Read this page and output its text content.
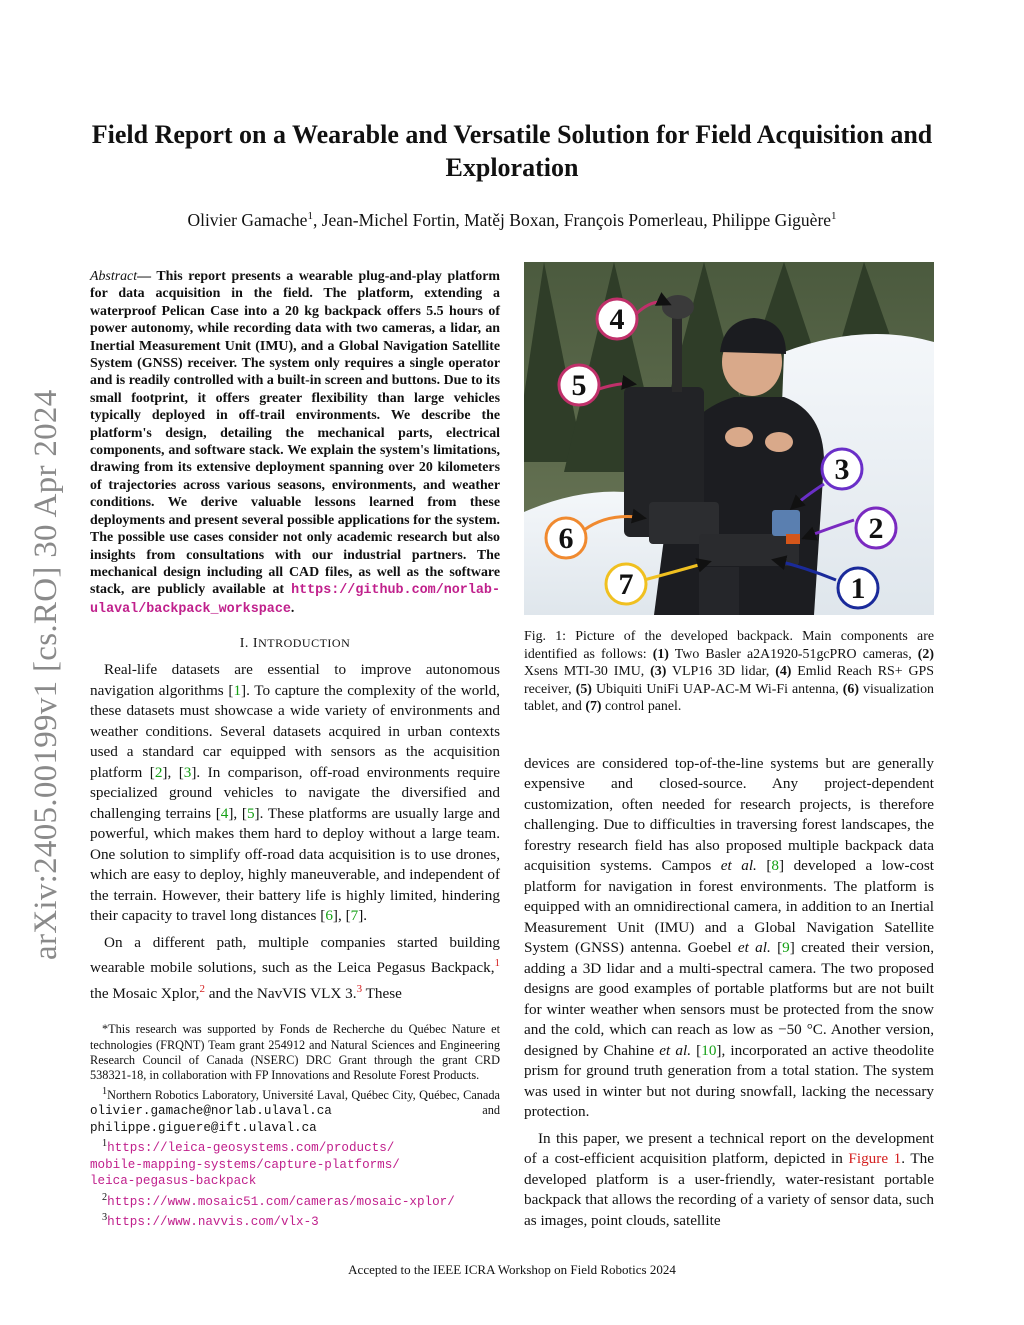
arXiv:2405.00199v1 [cs.RO] 30 Apr 2024
Field Report on a Wearable and Versatile Solution for Field Acquisition and Exploration
Olivier Gamache$^1$, Jean-Michel Fortin, Matěj Boxan, François Pomerleau, Philippe Giguère$^1$
Abstract— This report presents a wearable plug-and-play platform for data acquisition in the field. The platform, extending a waterproof Pelican Case into a 20 kg backpack offers 5.5 hours of power autonomy, while recording data with two cameras, a lidar, an Inertial Measurement Unit (IMU), and a Global Navigation Satellite System (GNSS) receiver. The system only requires a single operator and is readily controlled with a built-in screen and buttons. Due to its small footprint, it offers greater flexibility than large vehicles typically deployed in off-trail environments. We describe the platform's design, detailing the mechanical parts, electrical components, and software stack. We explain the system's limitations, drawing from its extensive deployment spanning over 20 kilometers of trajectories across various seasons, environments, and weather conditions. We derive valuable lessons learned from these deployments and present several possible applications for the system. The possible use cases consider not only academic research but also insights from consultations with our industrial partners. The mechanical design including all CAD files, as well as the software stack, are publicly available at https://github.com/norlab-ulaval/backpack_workspace.
I. INTRODUCTION

Real-life datasets are essential to improve autonomous navigation algorithms [1]. To capture the complexity of the world, these datasets must showcase a wide variety of environments and weather conditions. Several datasets acquired in urban contexts used a standard car equipped with sensors as the acquisition platform [2], [3]. In comparison, off-road environments require specialized ground vehicles to navigate the diversified and challenging terrains [4], [5]. These platforms are usually large and powerful, which makes them hard to deploy without a large team. One solution to simplify off-road data acquisition is to use drones, which are easy to deploy, highly maneuverable, and independent of the terrain. However, their battery life is highly limited, hindering their capacity to travel long distances [6], [7].

On a different path, multiple companies started building wearable mobile solutions, such as the Leica Pegasus Backpack,$^1$ the Mosaic Xplor,$^2$ and the NavVIS VLX 3.$^3$ These

*This research was supported by Fonds de Recherche du Québec Nature et technologies (FRQNT) Team grant 254912 and Natural Sciences and Engineering Research Council of Canada (NSERC) DRC Grant through the grant CRD 538321-18, in collaboration with FP Innovations and Resolute Forest Products.

$^1$Northern Robotics Laboratory, Université Laval, Québec City, Québec, Canada olivier.gamache@norlab.ulaval.ca and philippe.giguere@ift.ulaval.ca

$^1$https://leica-geosystems.com/products/
mobile-mapping-systems/capture-platforms/
leica-pegasus-backpack

$^2$https://www.mosaic51.com/cameras/mosaic-xplor/

$^3$https://www.navvis.com/vlx-3

4
5
3
2
1
6
7
Fig. 1: Picture of the developed backpack. Main components are identified as follows: (1) Two Basler a2A1920-51gcPRO cameras, (2) Xsens MTI-30 IMU, (3) VLP16 3D lidar, (4) Emlid Reach RS+ GPS receiver, (5) Ubiquiti UniFi UAP-AC-M Wi-Fi antenna, (6) visualization tablet, and (7) control panel.

devices are considered top-of-the-line systems but are generally expensive and closed-source. Any project-dependent customization, often needed for research projects, is therefore challenging. Due to difficulties in traversing forest landscapes, the forestry research field has also proposed multiple backpack data acquisition systems. Campos et al. [8] developed a low-cost platform for navigation in forest environments. The platform is equipped with an omnidirectional camera, in addition to an Inertial Measurement Unit (IMU) and a Global Navigation Satellite System (GNSS) antenna. Goebel et al. [9] created their version, adding a 3D lidar and a multi-spectral camera. The two proposed designs are good examples of portable platforms but are not built for winter weather when sensors must be protected from the snow and the cold, which can reach as low as −50 °C. Another version, designed by Chahine et al. [10], incorporated an active theodolite prism for ground truth generation from a total station. The system was used in winter but not during snowfall, lacking the necessary protection.

In this paper, we present a technical report on the development of a cost-efficient acquisition platform, depicted in Figure 1. The developed platform is a user-friendly, water-resistant portable backpack that allows the recording of a variety of sensor data, such as images, point clouds, satellite

Accepted to the IEEE ICRA Workshop on Field Robotics 2024
